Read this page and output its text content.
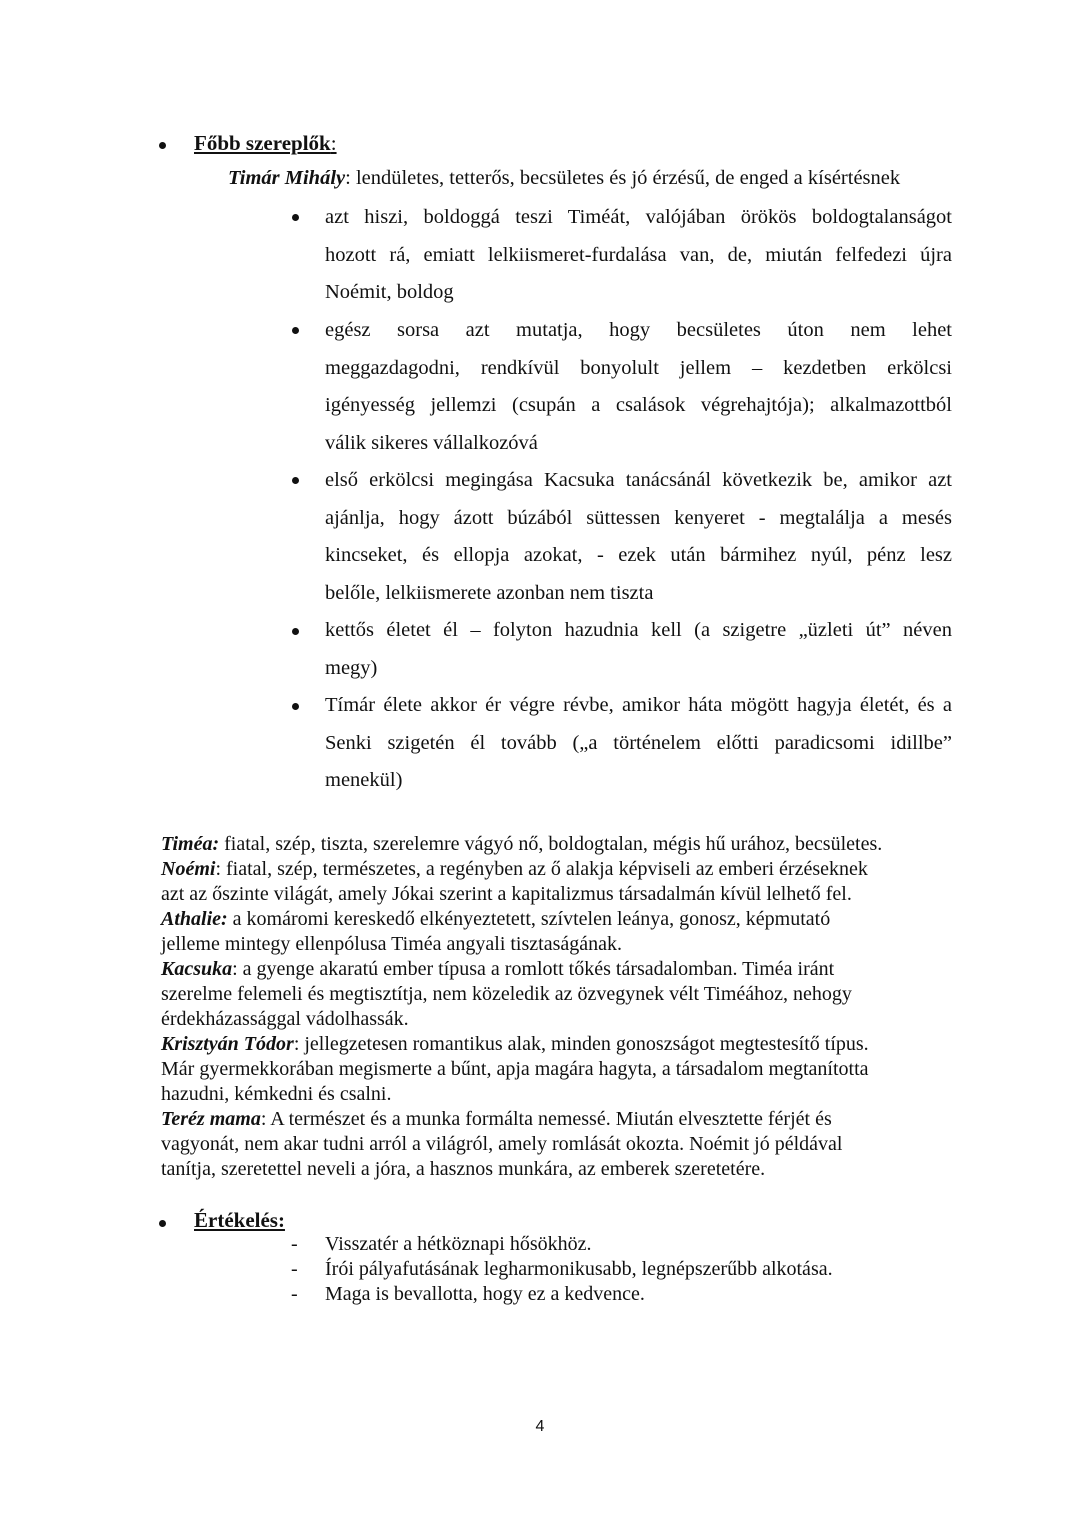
Főbb szereplők:
Timár Mihály: lendületes, tetterős, becsületes és jó érzésű, de enged a kísértésnek
azt hiszi, boldoggá teszi Timéát, valójában örökös boldogtalanságot
hozott rá, emiatt lelkiismeret-furdalása van, de, miután felfedezi újra
Noémit, boldog
egész sorsa azt mutatja, hogy becsületes úton nem lehet
meggazdagodni, rendkívül bonyolult jellem – kezdetben erkölcsi
igényesség jellemzi (csupán a csalások végrehajtója); alkalmazottból
válik sikeres vállalkozóvá
első erkölcsi megingása Kacsuka tanácsánál következik be, amikor azt
ajánlja, hogy ázott búzából süttessen kenyeret - megtalálja a mesés
kincseket, és ellopja azokat, - ezek után bármihez nyúl, pénz lesz
belőle, lelkiismerete azonban nem tiszta
kettős életet él – folyton hazudnia kell (a szigetre „üzleti út” néven
megy)
Tímár élete akkor ér végre révbe, amikor háta mögött hagyja életét, és a
Senki szigetén él tovább („a történelem előtti paradicsomi idillbe”
menekül)
Timéa: fiatal, szép, tiszta, szerelemre vágyó nő, boldogtalan, mégis hű urához, becsületes.
Noémi: fiatal, szép, természetes, a regényben az ő alakja képviseli az emberi érzéseknek
azt az őszinte világát, amely Jókai szerint a kapitalizmus társadalmán kívül lelhető fel.
Athalie: a komáromi kereskedő elkényeztetett, szívtelen leánya, gonosz, képmutató
jelleme mintegy ellenpólusa Timéa angyali tisztaságának.
Kacsuka: a gyenge akaratú ember típusa a romlott tőkés társadalomban. Timéa iránt
szerelme felemeli és megtisztítja, nem közeledik az özvegynek vélt Timéához, nehogy
érdekházassággal vádolhassák.
Krisztyán Tódor: jellegzetesen romantikus alak, minden gonoszságot megtestesítő típus.
Már gyermekkorában megismerte a bűnt, apja magára hagyta, a társadalom megtanította
hazudni, kémkedni és csalni.
Teréz mama: A természet és a munka formálta nemessé. Miután elvesztette férjét és
vagyonát, nem akar tudni arról a világról, amely romlását okozta. Noémit jó példával
tanítja, szeretettel neveli a jóra, a hasznos munkára, az emberek szeretetére.
Értékelés:
- Visszatér a hétköznapi hősökhöz.
- Írói pályafutásának legharmonikusabb, legnépszerűbb alkotása.
- Maga is bevallotta, hogy ez a kedvence.
4
